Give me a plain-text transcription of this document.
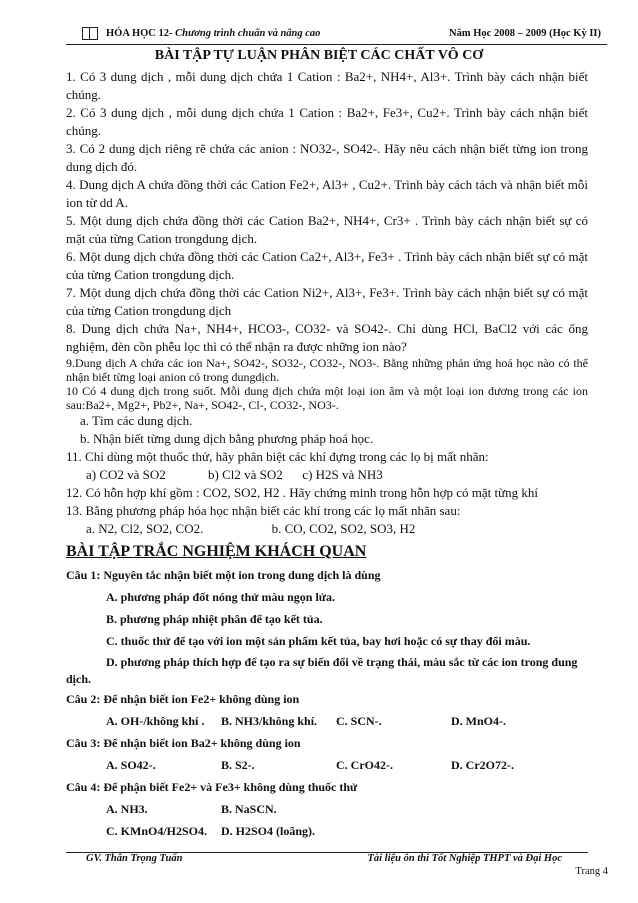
HÓA HỌC 12- Chương trình chuẩn và nâng cao	Năm Học 2008 – 2009 (Học Kỳ II)
BÀI TẬP TỰ LUẬN PHÂN BIỆT CÁC CHẤT VÔ CƠ

1. Có 3 dung dịch , mỗi dung dịch chứa 1 Cation : Ba2+, NH4+, Al3+. Trình bày cách nhận biết chúng.

2. Có 3 dung dịch , mỗi dung dịch chứa 1 Cation : Ba2+, Fe3+, Cu2+. Trình bày cách nhận biết chúng.

3. Có 2 dung dịch riêng rẽ chứa các anion : NO32-, SO42-. Hãy nêu cách nhận biết từng ion trong dung dịch đó.

4. Dung dịch A chứa đồng thời các Cation Fe2+, Al3+ , Cu2+. Trình bày cách tách và nhận biết mỗi ion từ dd A.

5. Một dung dịch chứa đồng thời các Cation Ba2+, NH4+, Cr3+ . Trình bày cách nhận biết sự có mặt của từng Cation trongdung dịch.

6. Một dung dịch chứa đồng thời các Cation Ca2+, Al3+, Fe3+ . Trình bày cách nhận biết sự có mặt của từng Cation trongdung dịch.

7. Một dung dịch chứa đồng thời các Cation Ni2+, Al3+, Fe3+. Trình bày cách nhận biết sự có mặt của từng Cation trongdung dịch

8. Dung dịch chứa Na+, NH4+, HCO3-, CO32- và SO42-. Chỉ dùng HCl, BaCl2 với các ống nghiệm, đèn cồn phễu lọc thì có thể nhận ra được những ion nào?

9.Dung dịch A chứa các ion Na+, SO42-, SO32-, CO32-, NO3-. Bằng những phản ứng hoá học nào có thể nhận biết từng loại anion có trong dungdịch.

10 Có 4 dung dịch trong suốt. Mỗi dung dịch chứa một loại ion âm và một loại ion dương trong các ion sau:Ba2+, Mg2+, Pb2+, Na+, SO42-, Cl-, CO32-, NO3-.

a. Tìm các dung dịch.

b. Nhận biết từng dung dịch bằng phương pháp hoá học.

11. Chỉ dùng một thuốc thử, hãy phân biệt các khí đựng trong các lọ bị mất nhãn:

a) CO2 và SO2	b) Cl2 và SO2 c) H2S và NH3

12. Có hỗn hợp khí gồm : CO2, SO2, H2 . Hãy chứng minh trong hỗn hợp có mặt từng khí

13. Bằng phương pháp hóa học nhận biết các khí trong các lọ mất nhãn sau:

a. N2, Cl2, SO2, CO2.	b. CO, CO2, SO2, SO3, H2

BÀI TẬP TRẮC NGHIỆM KHÁCH QUAN

Câu 1: Nguyên tắc nhận biết một ion trong dung dịch là dùng

A. phương pháp đốt nóng thử màu ngọn lửa.

B. phương pháp nhiệt phân để tạo kết tủa.

C. thuốc thử để tạo với ion một sản phẩm kết tủa, bay hơi hoặc có sự thay đổi màu.

D. phương pháp thích hợp để tạo ra sự biến đổi về trạng thái, màu sắc từ các ion trong dung dịch.

Câu 2: Để nhận biết ion Fe2+ không dùng ion

A. OH-/không khí .	B. NH3/không khí.	C. SCN-.	D. MnO4-.

Câu 3: Để nhận biết ion Ba2+ không dùng ion

A. SO42-.	B. S2-.	C. CrO42-.	D. Cr2O72-.

Câu 4: Để phận biết Fe2+ và Fe3+ không dùng thuốc thử

A. NH3.	B. NaSCN.
C. KMnO4/H2SO4.	D. H2SO4 (loãng).
GV. Thân Trọng Tuấn	Tài liệu ôn thi Tốt Nghiệp THPT và Đại Học
Trang 4
